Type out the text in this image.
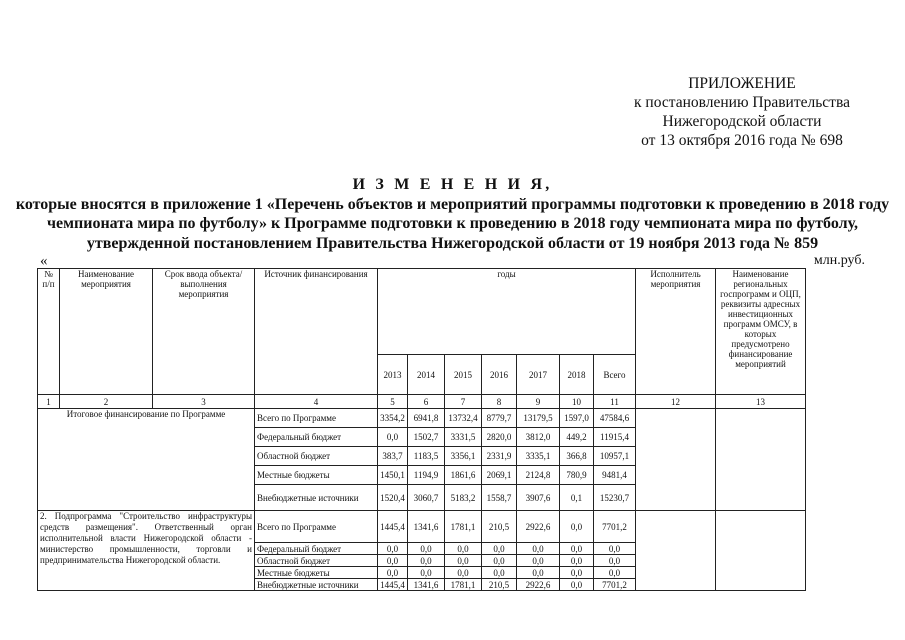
ПРИЛОЖЕНИЕ
к постановлению Правительства
Нижегородской области
от 13 октября 2016 года № 698
И З М Е Н Е Н И Я,
которые вносятся в приложение 1 «Перечень объектов и мероприятий программы подготовки к проведению в 2018 году
чемпионата мира по футболу» к Программе подготовки к проведению в 2018 году чемпионата мира по футболу,
утвержденной постановлением Правительства Нижегородской области от 19 ноября 2013 года № 859
«	млн.руб.
№ п/п	Наименование мероприятия	Срок ввода объекта/выполнения мероприятия	Источник финансирования	годы							Исполнитель мероприятия	Наименование региональных госпрограмм и ОЦП, реквизиты адресных инвестиционных программ ОМСУ, в которых предусмотрено финансирование мероприятий
				2013	2014	2015	2016	2017	2018	Всего		
1	2	3	4	5	6	7	8	9	10	11	12	13
Итоговое финансирование по Программе			Всего по Программе	3354,2	6941,8	13732,4	8779,7	13179,5	1597,0	47584,6		
			Федеральный бюджет	0,0	1502,7	3331,5	2820,0	3812,0	449,2	11915,4		
			Областной бюджет	383,7	1183,5	3356,1	2331,9	3335,1	366,8	10957,1		
			Местные бюджеты	1450,1	1194,9	1861,6	2069,1	2124,8	780,9	9481,4		
			Внебюджетные источники	1520,4	3060,7	5183,2	1558,7	3907,6	0,1	15230,7		

2. Подпрограмма "Строительство инфраструктуры средств размещения". Ответственный орган исполнительной власти Нижегородской области - министерство промышленности, торговли и предпринимательства Нижегородской области.			Всего по Программе	1445,4	1341,6	1781,1	210,5	2922,6	0,0	7701,2		
			Федеральный бюджет	0,0	0,0	0,0	0,0	0,0	0,0	0,0		
			Областной бюджет	0,0	0,0	0,0	0,0	0,0	0,0	0,0		
			Местные бюджеты	0,0	0,0	0,0	0,0	0,0	0,0	0,0		
			Внебюджетные источники	1445,4	1341,6	1781,1	210,5	2922,6	0,0	7701,2		
